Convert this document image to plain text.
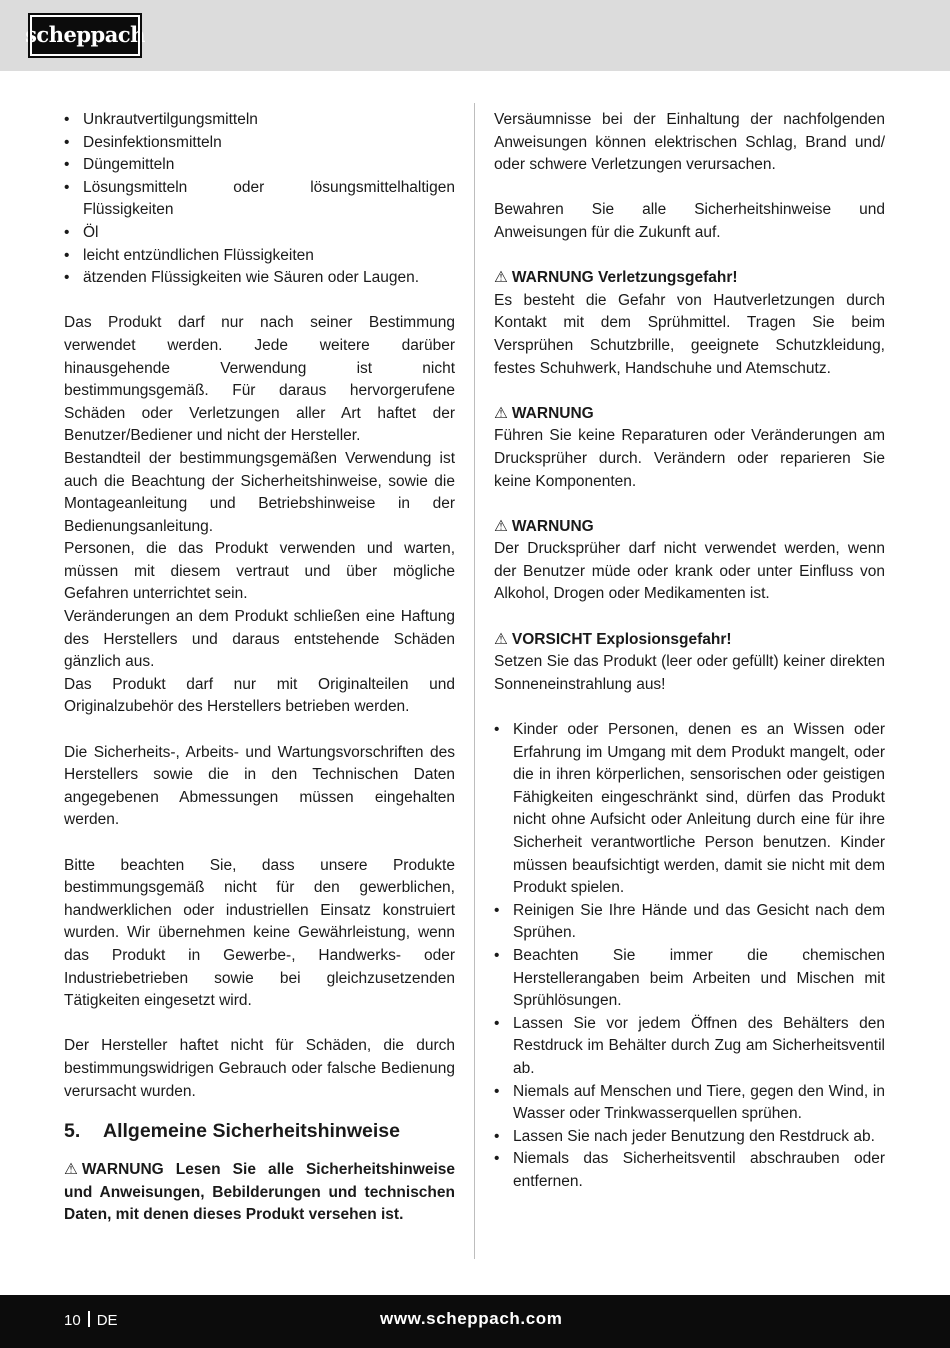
scheppach
• Unkrautvertilgungsmitteln
• Desinfektionsmitteln
• Düngemitteln
• Lösungsmitteln oder lösungsmittelhaltigen Flüssigkeiten
• Öl
• leicht entzündlichen Flüssigkeiten
• ätzenden Flüssigkeiten wie Säuren oder Laugen.

Das Produkt darf nur nach seiner Bestimmung verwendet werden. Jede weitere darüber hinausgehende Verwendung ist nicht bestimmungsgemäß. Für daraus hervorgerufene Schäden oder Verletzungen aller Art haftet der Benutzer/Bediener und nicht der Hersteller.

Bestandteil der bestimmungsgemäßen Verwendung ist auch die Beachtung der Sicherheitshinweise, sowie die Montageanleitung und Betriebshinweise in der Bedienungsanleitung.

Personen, die das Produkt verwenden und warten, müssen mit diesem vertraut und über mögliche Gefahren unterrichtet sein.

Veränderungen an dem Produkt schließen eine Haftung des Herstellers und daraus entstehende Schäden gänzlich aus.

Das Produkt darf nur mit Originalteilen und Originalzubehör des Herstellers betrieben werden.

Die Sicherheits-, Arbeits- und Wartungsvorschriften des Herstellers sowie die in den Technischen Daten angegebenen Abmessungen müssen eingehalten werden.

Bitte beachten Sie, dass unsere Produkte bestimmungsgemäß nicht für den gewerblichen, handwerklichen oder industriellen Einsatz konstruiert wurden. Wir übernehmen keine Gewährleistung, wenn das Produkt in Gewerbe-, Handwerks- oder Industriebetrieben sowie bei gleichzusetzenden Tätigkeiten eingesetzt wird.

Der Hersteller haftet nicht für Schäden, die durch bestimmungswidrigen Gebrauch oder falsche Bedienung verursacht wurden.

5.	Allgemeine Sicherheitshinweise

⚠ WARNUNG Lesen Sie alle Sicherheitshinweise und Anweisungen, Bebilderungen und technischen Daten, mit denen dieses Produkt versehen ist.

Versäumnisse bei der Einhaltung der nachfolgenden Anweisungen können elektrischen Schlag, Brand und/ oder schwere Verletzungen verursachen.

Bewahren Sie alle Sicherheitshinweise und Anweisungen für die Zukunft auf.

⚠ WARNUNG Verletzungsgefahr!

Es besteht die Gefahr von Hautverletzungen durch Kontakt mit dem Sprühmittel. Tragen Sie beim Versprühen Schutzbrille, geeignete Schutzkleidung, festes Schuhwerk, Handschuhe und Atemschutz.

⚠ WARNUNG

Führen Sie keine Reparaturen oder Veränderungen am Drucksprüher durch. Verändern oder reparieren Sie keine Komponenten.

⚠ WARNUNG

Der Drucksprüher darf nicht verwendet werden, wenn der Benutzer müde oder krank oder unter Einfluss von Alkohol, Drogen oder Medikamenten ist.

⚠ VORSICHT Explosionsgefahr!

Setzen Sie das Produkt (leer oder gefüllt) keiner direkten Sonneneinstrahlung aus!

• Kinder oder Personen, denen es an Wissen oder Erfahrung im Umgang mit dem Produkt mangelt, oder die in ihren körperlichen, sensorischen oder geistigen Fähigkeiten eingeschränkt sind, dürfen das Produkt nicht ohne Aufsicht oder Anleitung durch eine für ihre Sicherheit verantwortliche Person benutzen. Kinder müssen beaufsichtigt werden, damit sie nicht mit dem Produkt spielen.
• Reinigen Sie Ihre Hände und das Gesicht nach dem Sprühen.
• Beachten Sie immer die chemischen Herstellerangaben beim Arbeiten und Mischen mit Sprühlösungen.
• Lassen Sie vor jedem Öffnen des Behälters den Restdruck im Behälter durch Zug am Sicherheitsventil ab.
• Niemals auf Menschen und Tiere, gegen den Wind, in Wasser oder Trinkwasserquellen sprühen.
• Lassen Sie nach jeder Benutzung den Restdruck ab.
• Niemals das Sicherheitsventil abschrauben oder entfernen.
10 DE	www.scheppach.com
